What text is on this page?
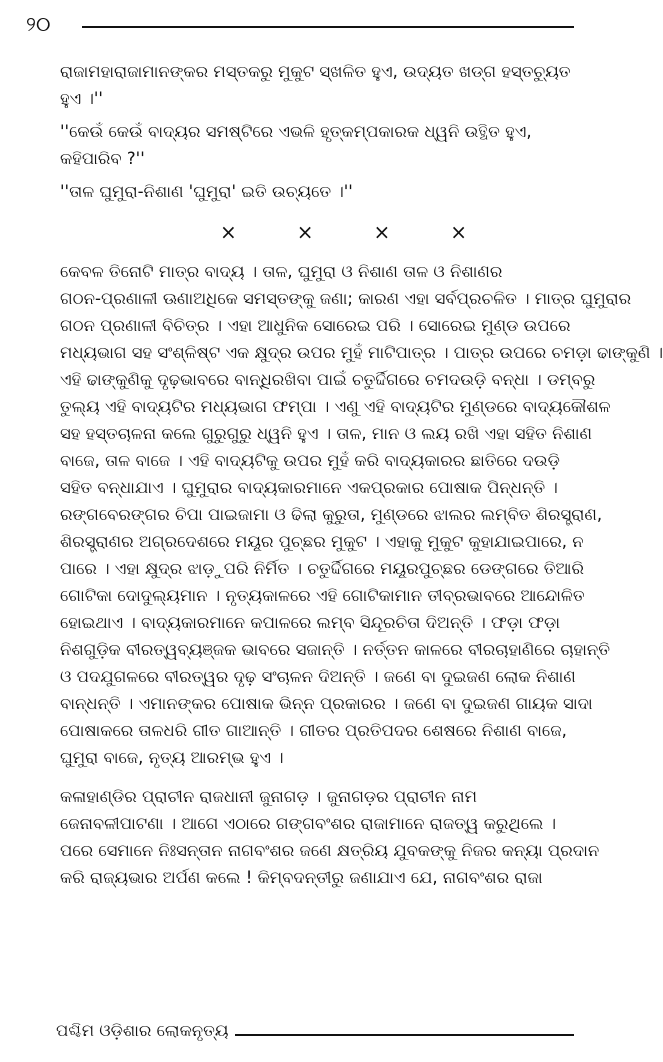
୨୦

ରାଜାମହାରାଜାମାନଙ୍କର ମସ୍ତକରୁ ମୁକୁଟ ସ୍ଖଳିତ ହୁଏ, ଉଦ୍ୟତ ଖଡ୍ଗ ହସ୍ତଚ୍ୟୁତ

ହୁଏ ।''

''କେଉଁ କେଉଁ ବାଦ୍ୟର ସମଷ୍ଟିରେ ଏଭଳି ହୃତ୍କମ୍ପକାରକ ଧ୍ୱନି ଉତ୍ଥିତ ହୁଏ,

କହିପାରିବ ?''

''ତାଳ ଘୁମୁରା-ନିଶାଣ 'ଘୁମୁରା' ଇତି ଉଚ୍ୟତେ ।''

×	×	×	×

କେବଳ ତିନୋଟି ମାତ୍ର ବାଦ୍ୟ । ତାଳ, ଘୁମୁରା ଓ ନିଶାଣ ତାଳ ଓ ନିଶାଣର

ଗଠନ-ପ୍ରଣାଳୀ ଊଣାଅଧିକେ ସମସ୍ତଙ୍କୁ ଜଣା; କାରଣ ଏହା ସର୍ବପ୍ରଚଳିତ । ମାତ୍ର ଘୁମୁରାର

ଗଠନ ପ୍ରଣାଳୀ ବିଚିତ୍ର । ଏହା ଆଧୁନିକ ସୋରେଇ ପରି । ସୋରେଇ ମୁଣ୍ଡ ଉପରେ

ମଧ୍ୟଭାଗ ସହ ସଂଶ୍ଳିଷ୍ଟ ଏକ କ୍ଷୁଦ୍ର ଉପର ମୁହଁ ମାଟିପାତ୍ର । ପାତ୍ର ଉପରେ ଚମଡ଼ା ଢାଙ୍କୁଣି ।

ଏହି ଢାଙ୍କୁଣିକୁ ଦୃଢ଼ଭାବରେ ବାନ୍ଧିରଖିବା ପାଇଁ ଚତୁର୍ଦ୍ଦିଗରେ ଚମଦଉଡ଼ି ବନ୍ଧା । ଡମ୍ବରୁ

ତୁଲ୍ୟ ଏହି ବାଦ୍ୟଟିର ମଧ୍ୟଭାଗ ଫମ୍ପା । ଏଣୁ ଏହି ବାଦ୍ୟଟିର ମୁଣ୍ଡରେ ବାଦ୍ୟକୌଶଳ

ସହ ହସ୍ତଚାଳନା କଲେ ଗୁରୁଗୁରୁ ଧ୍ୱନି ହୁଏ । ତାଳ, ମାନ ଓ ଲୟ ରଖି ଏହା ସହିତ ନିଶାଣ

ବାଜେ, ତାଳ ବାଜେ । ଏହି ବାଦ୍ୟଟିକୁ ଉପର ମୁହଁ କରି ବାଦ୍ୟକାରର ଛାତିରେ ଦଉଡ଼ି

ସହିତ ବନ୍ଧାଯାଏ । ଘୁମୁରାର ବାଦ୍ୟକାରମାନେ ଏକପ୍ରକାର ପୋଷାକ ପିନ୍ଧନ୍ତି ।

ରଙ୍ଗବେରଙ୍ଗର ଚିପା ପାଇଜାମା ଓ ଢିଲା କୁରୁତା, ମୁଣ୍ଡରେ ଝାଲର ଲମ୍ବିତ ଶିରସ୍ତ୍ରାଣ,

ଶିରସ୍ତ୍ରାଣର ଅଗ୍ରଦେଶରେ ମୟୂର ପୁଚ୍ଛର ମୁକୁଟ । ଏହାକୁ ମୁକୁଟ କୁହାଯାଇପାରେ, ନ

ପାରେ । ଏହା କ୍ଷୁଦ୍ର ଝାଡ଼ୁପରି ନିର୍ମିତ । ଚତୁର୍ଦ୍ଦିଗରେ ମୟୂରପୁଚ୍ଛର ଡେଙ୍ଗରେ ତିଆରି

ଗୋଟିକା ଦୋଦୁଲ୍ୟମାନ । ନୃତ୍ୟକାଳରେ ଏହି ଗୋଟିକାମାନ ତୀବ୍ରଭାବରେ ଆନ୍ଦୋଳିତ

ହୋଇଥାଏ । ବାଦ୍ୟକାରମାନେ କପାଳରେ ଲମ୍ବ ସିନ୍ଦୂରଚିତା ଦିଅନ୍ତି । ଫଡ଼ା ଫଡ଼ା

ନିଶଗୁଡ଼ିକ ବୀରତ୍ୱବ୍ୟଞ୍ଜକ ଭାବରେ ସଜାନ୍ତି । ନର୍ତ୍ତନ କାଳରେ ବୀରଚାହାଣିରେ ଚାହାନ୍ତି

ଓ ପଦଯୁଗଳରେ ବୀରତ୍ୱର ଦୃଢ଼ ସଂଚାଳନ ଦିଅନ୍ତି । ଜଣେ ବା ଦୁଇଜଣ ଲୋକ ନିଶାଣ

ବାନ୍ଧନ୍ତି । ଏମାନଙ୍କର ପୋଷାକ ଭିନ୍ନ ପ୍ରକାରର । ଜଣେ ବା ଦୁଇଜଣ ଗାୟକ ସାଦା

ପୋଷାକରେ ତାଳଧରି ଗୀତ ଗାଆନ୍ତି । ଗୀତର ପ୍ରତିପଦର ଶେଷରେ ନିଶାଣ ବାଜେ,

ଘୁମୁରା ବାଜେ, ନୃତ୍ୟ ଆରମ୍ଭ ହୁଏ ।

କଳାହାଣ୍ଡିର ପ୍ରାଚୀନ ରାଜଧାନୀ ଜୁନାଗଡ଼ । ଜୁନାଗଡ଼ର ପ୍ରାଚୀନ ନାମ

ଜେନାବଳୀପାଟଣା । ଆଗେ ଏଠାରେ ଗଙ୍ଗବଂଶର ରାଜାମାନେ ରାଜତ୍ୱ କରୁଥିଲେ ।

ପରେ ସେମାନେ ନିଃସନ୍ତାନ ନାଗବଂଶର ଜଣେ କ୍ଷତ୍ରିୟ ଯୁବକଙ୍କୁ ନିଜର କନ୍ୟା ପ୍ରଦାନ

କରି ରାଜ୍ୟଭାର ଅର୍ପଣ କଲେ ! କିମ୍ବଦନ୍ତୀରୁ ଜଣାଯାଏ ଯେ, ନାଗବଂଶର ରାଜା

ପଶ୍ଚିମ ଓଡ଼ିଶାର ଲୋକନୃତ୍ୟ
